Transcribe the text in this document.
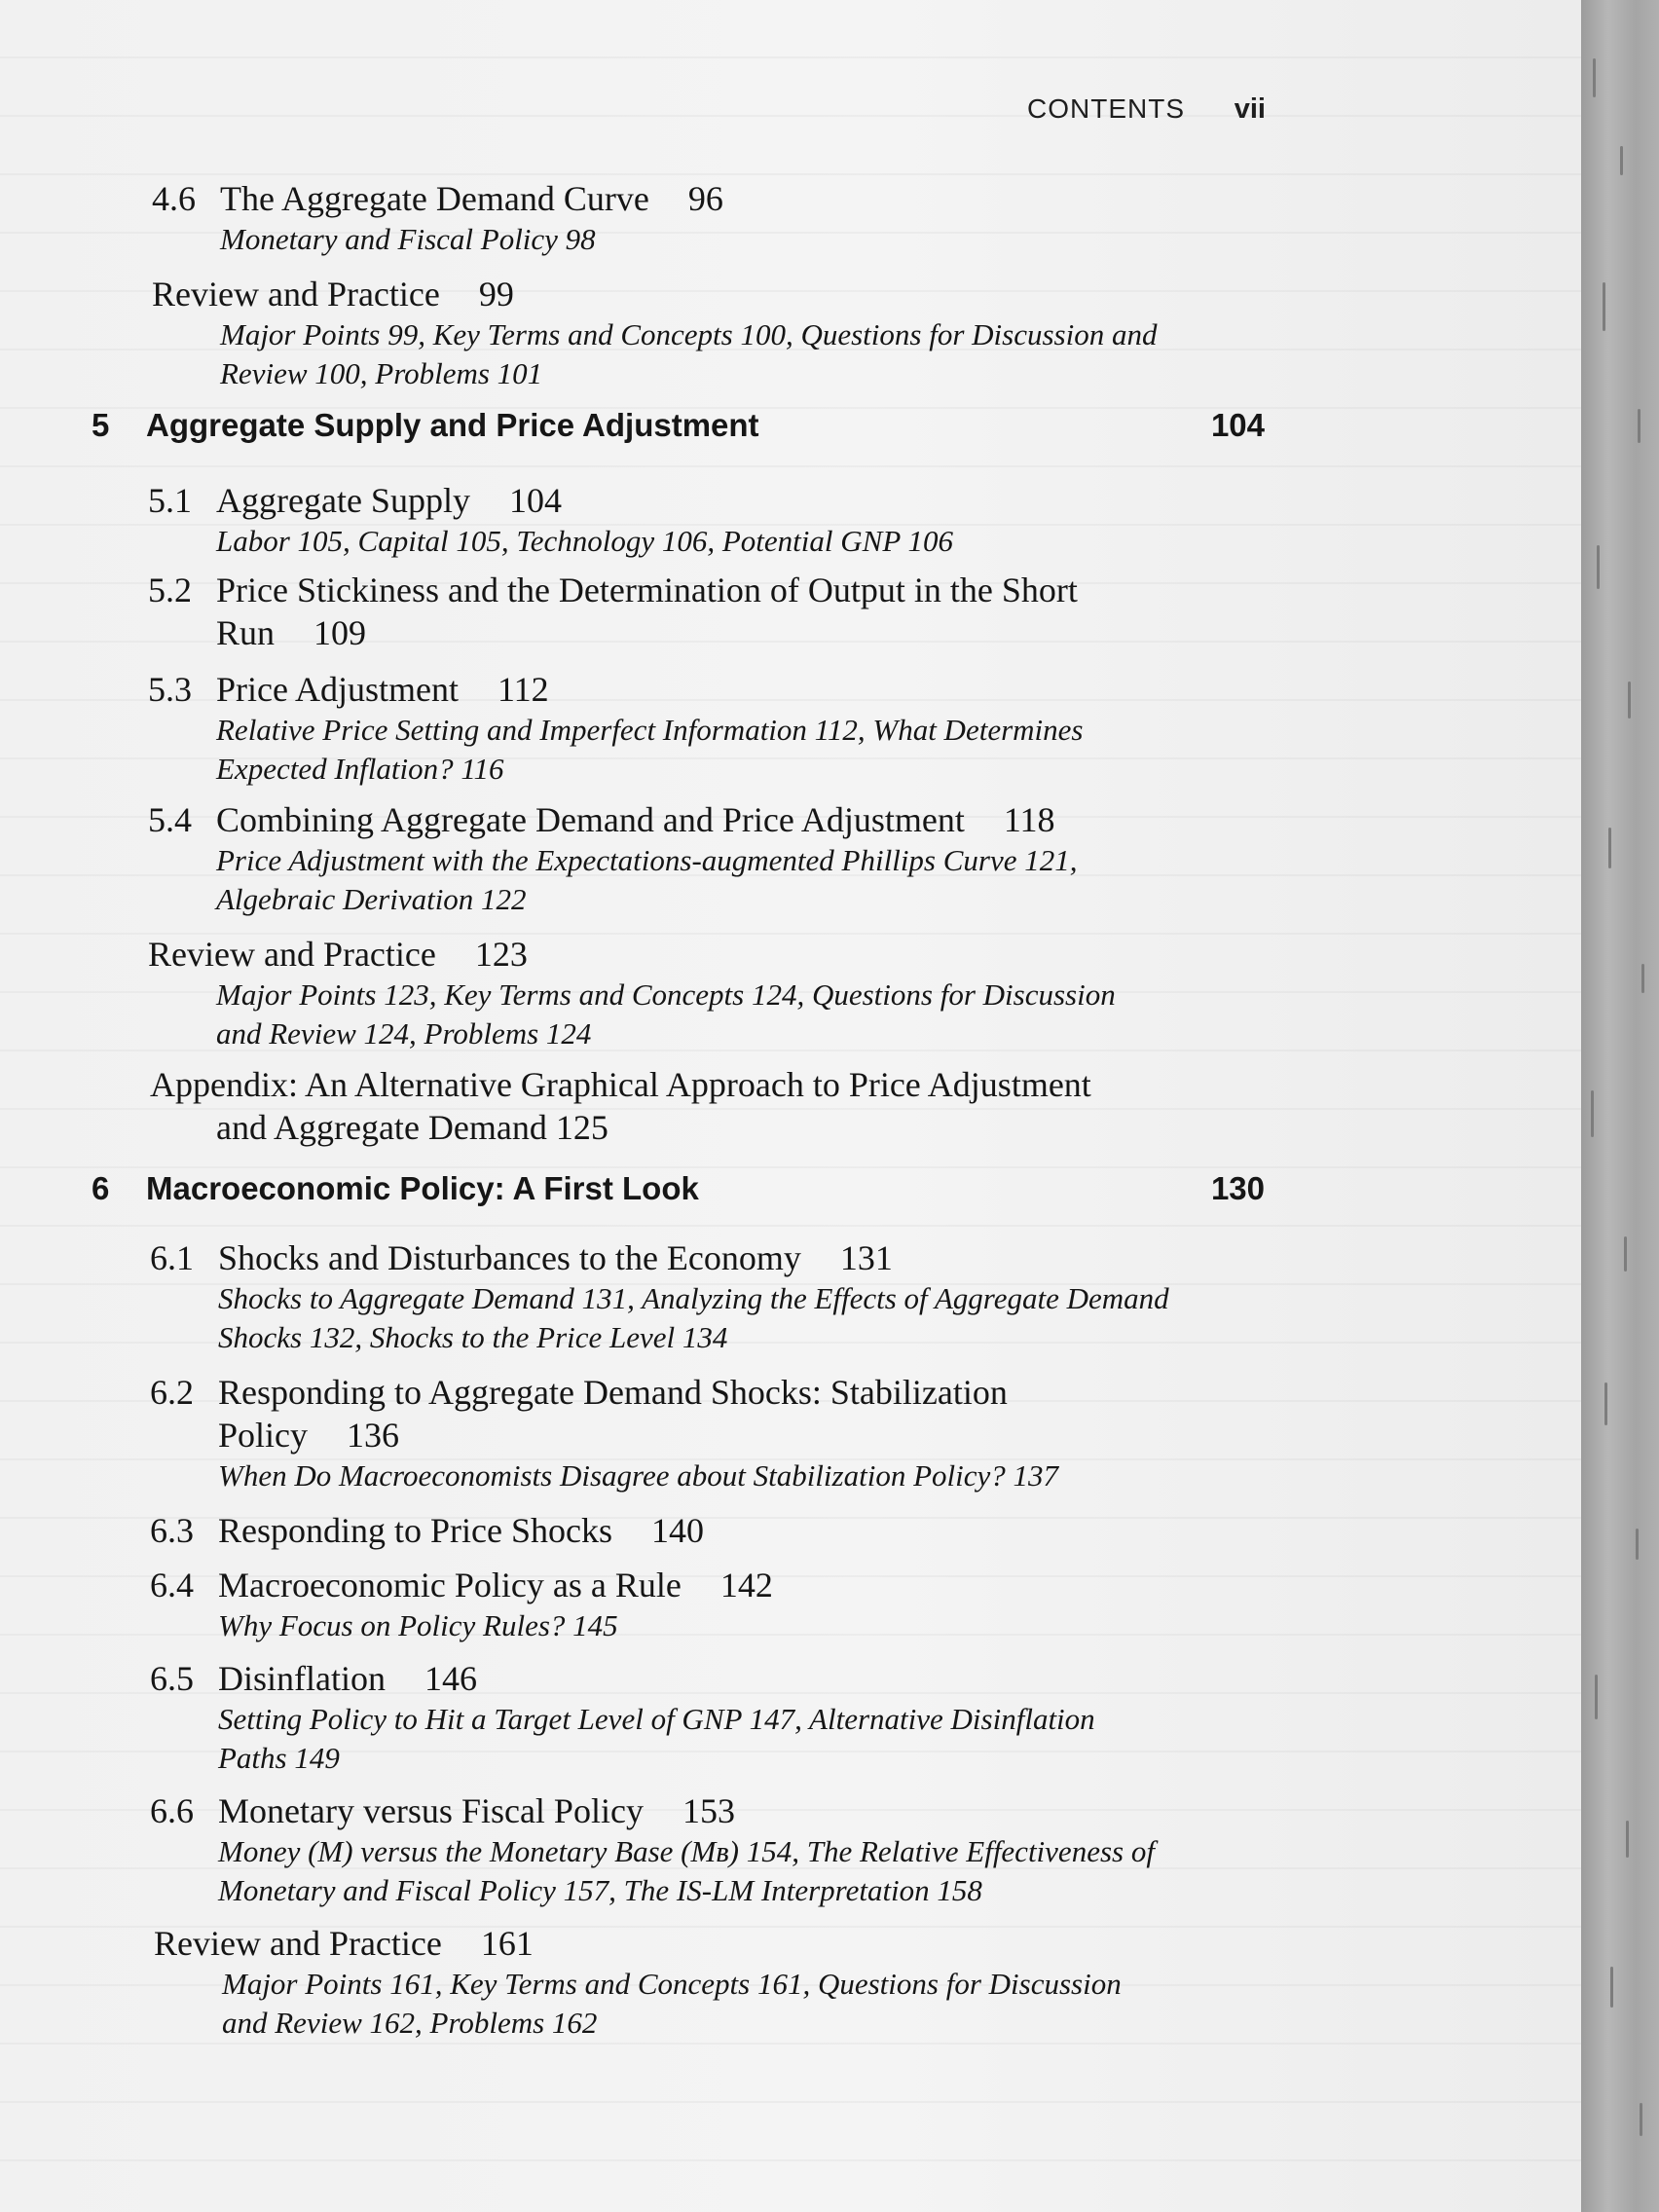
CONTENTS vii
4.6 The Aggregate Demand Curve 96
Monetary and Fiscal Policy 98
Review and Practice 99
Major Points 99, Key Terms and Concepts 100, Questions for Discussion and
Review 100, Problems 101
5	Aggregate Supply and Price Adjustment	104
5.1 Aggregate Supply 104
Labor 105, Capital 105, Technology 106, Potential GNP 106
5.2 Price Stickiness and the Determination of Output in the Short
Run 109
5.3 Price Adjustment 112
Relative Price Setting and Imperfect Information 112, What Determines
Expected Inflation? 116
5.4 Combining Aggregate Demand and Price Adjustment 118
Price Adjustment with the Expectations-augmented Phillips Curve 121,
Algebraic Derivation 122
Review and Practice 123
Major Points 123, Key Terms and Concepts 124, Questions for Discussion
and Review 124, Problems 124
Appendix: An Alternative Graphical Approach to Price Adjustment
and Aggregate Demand 125
6	Macroeconomic Policy: A First Look	130
6.1 Shocks and Disturbances to the Economy 131
Shocks to Aggregate Demand 131, Analyzing the Effects of Aggregate Demand
Shocks 132, Shocks to the Price Level 134
6.2 Responding to Aggregate Demand Shocks: Stabilization
Policy 136
When Do Macroeconomists Disagree about Stabilization Policy? 137
6.3 Responding to Price Shocks 140
6.4 Macroeconomic Policy as a Rule 142
Why Focus on Policy Rules? 145
6.5 Disinflation 146
Setting Policy to Hit a Target Level of GNP 147, Alternative Disinflation
Paths 149
6.6 Monetary versus Fiscal Policy 153
Money (M) versus the Monetary Base (Mʙ) 154, The Relative Effectiveness of
Monetary and Fiscal Policy 157, The IS-LM Interpretation 158
Review and Practice 161
Major Points 161, Key Terms and Concepts 161, Questions for Discussion
and Review 162, Problems 162
